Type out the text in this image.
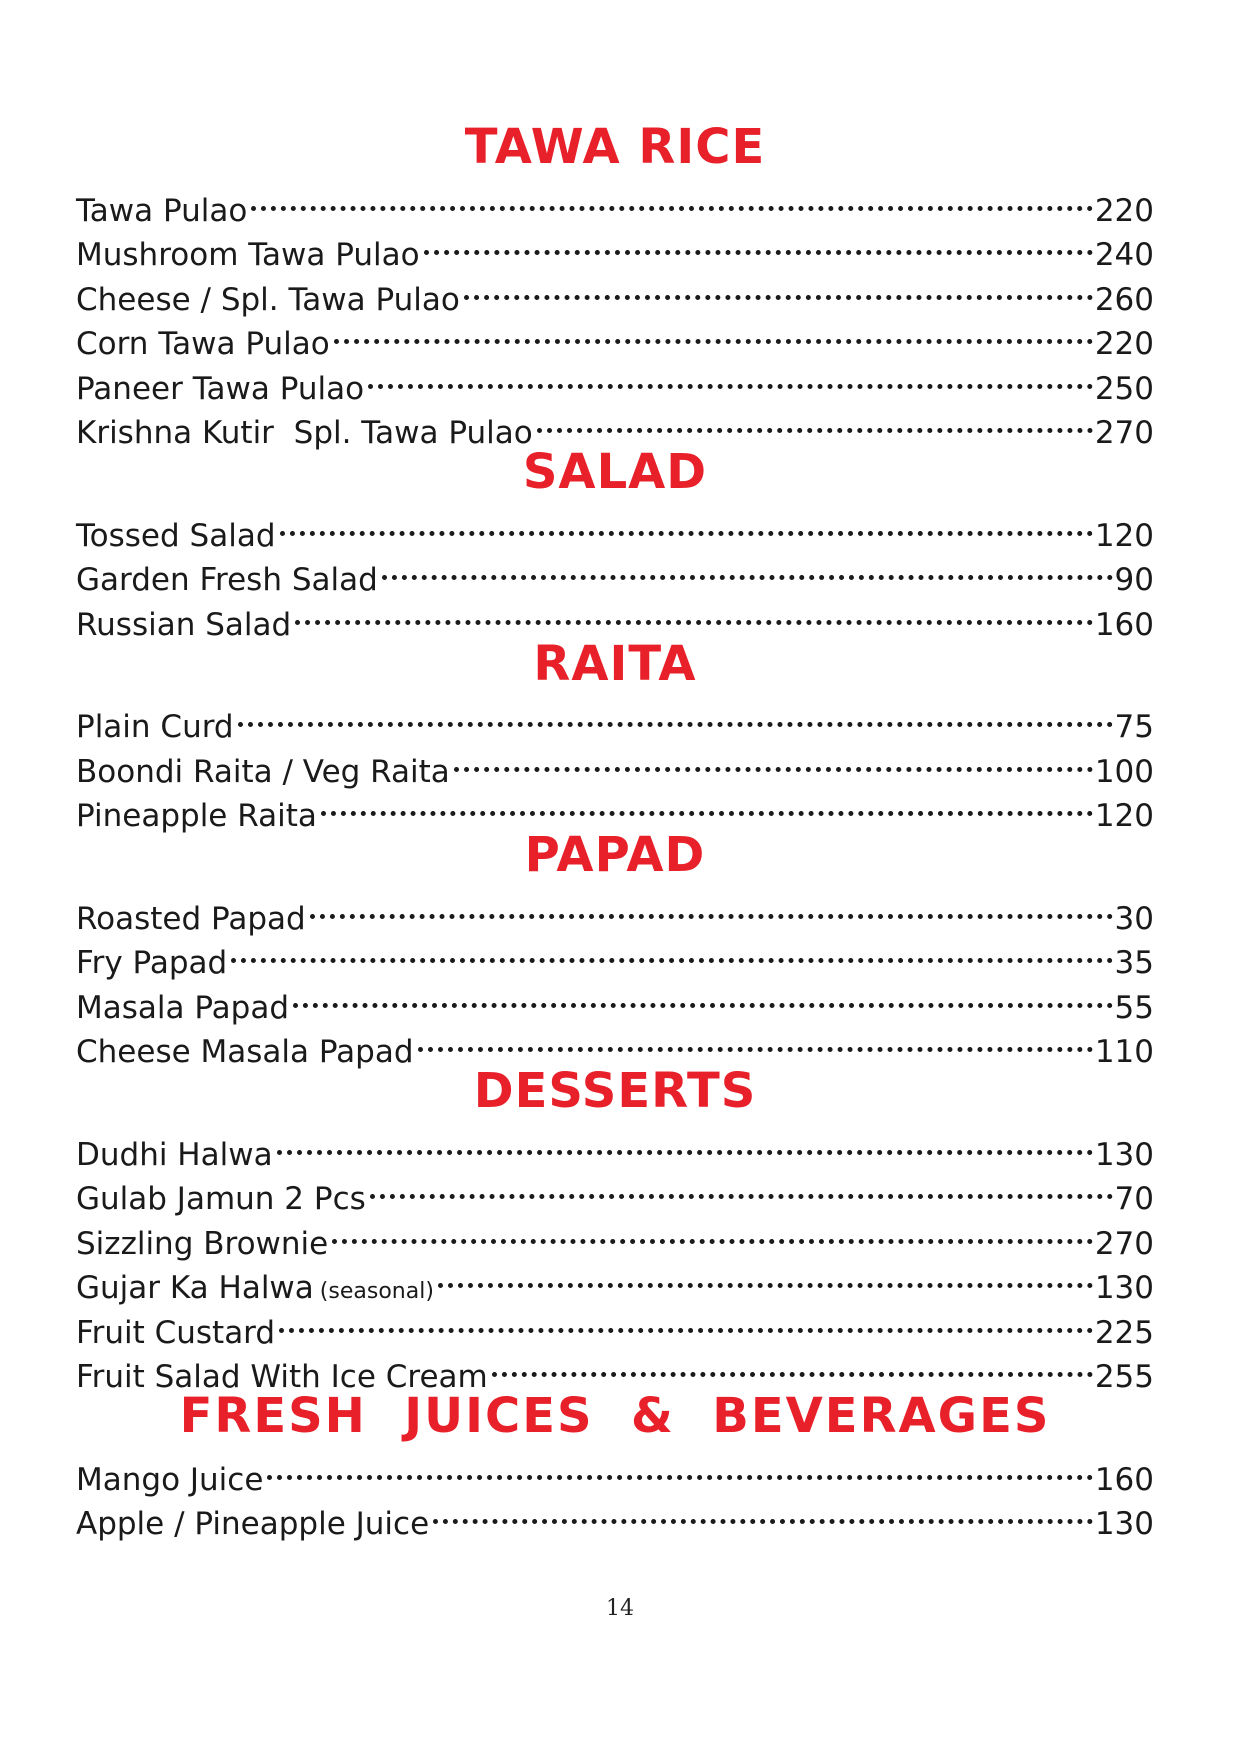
TAWA RICE
Tawa Pulao	220
Mushroom Tawa Pulao	240
Cheese / Spl. Tawa Pulao	260
Corn Tawa Pulao	220
Paneer Tawa Pulao	250
Krishna Kutir  Spl. Tawa Pulao	270
SALAD
Tossed Salad	120
Garden Fresh Salad	90
Russian Salad	160
RAITA
Plain Curd	75
Boondi Raita / Veg Raita	100
Pineapple Raita	120
PAPAD
Roasted Papad	30
Fry Papad	35
Masala Papad	55
Cheese Masala Papad	110
DESSERTS
Dudhi Halwa	130
Gulab Jamun 2 Pcs	70
Sizzling Brownie	270
Gujar Ka Halwa (seasonal)	130
Fruit Custard	225
Fruit Salad With Ice Cream	255
FRESH  JUICES  &  BEVERAGES
Mango Juice	160
Apple / Pineapple Juice	130
14
